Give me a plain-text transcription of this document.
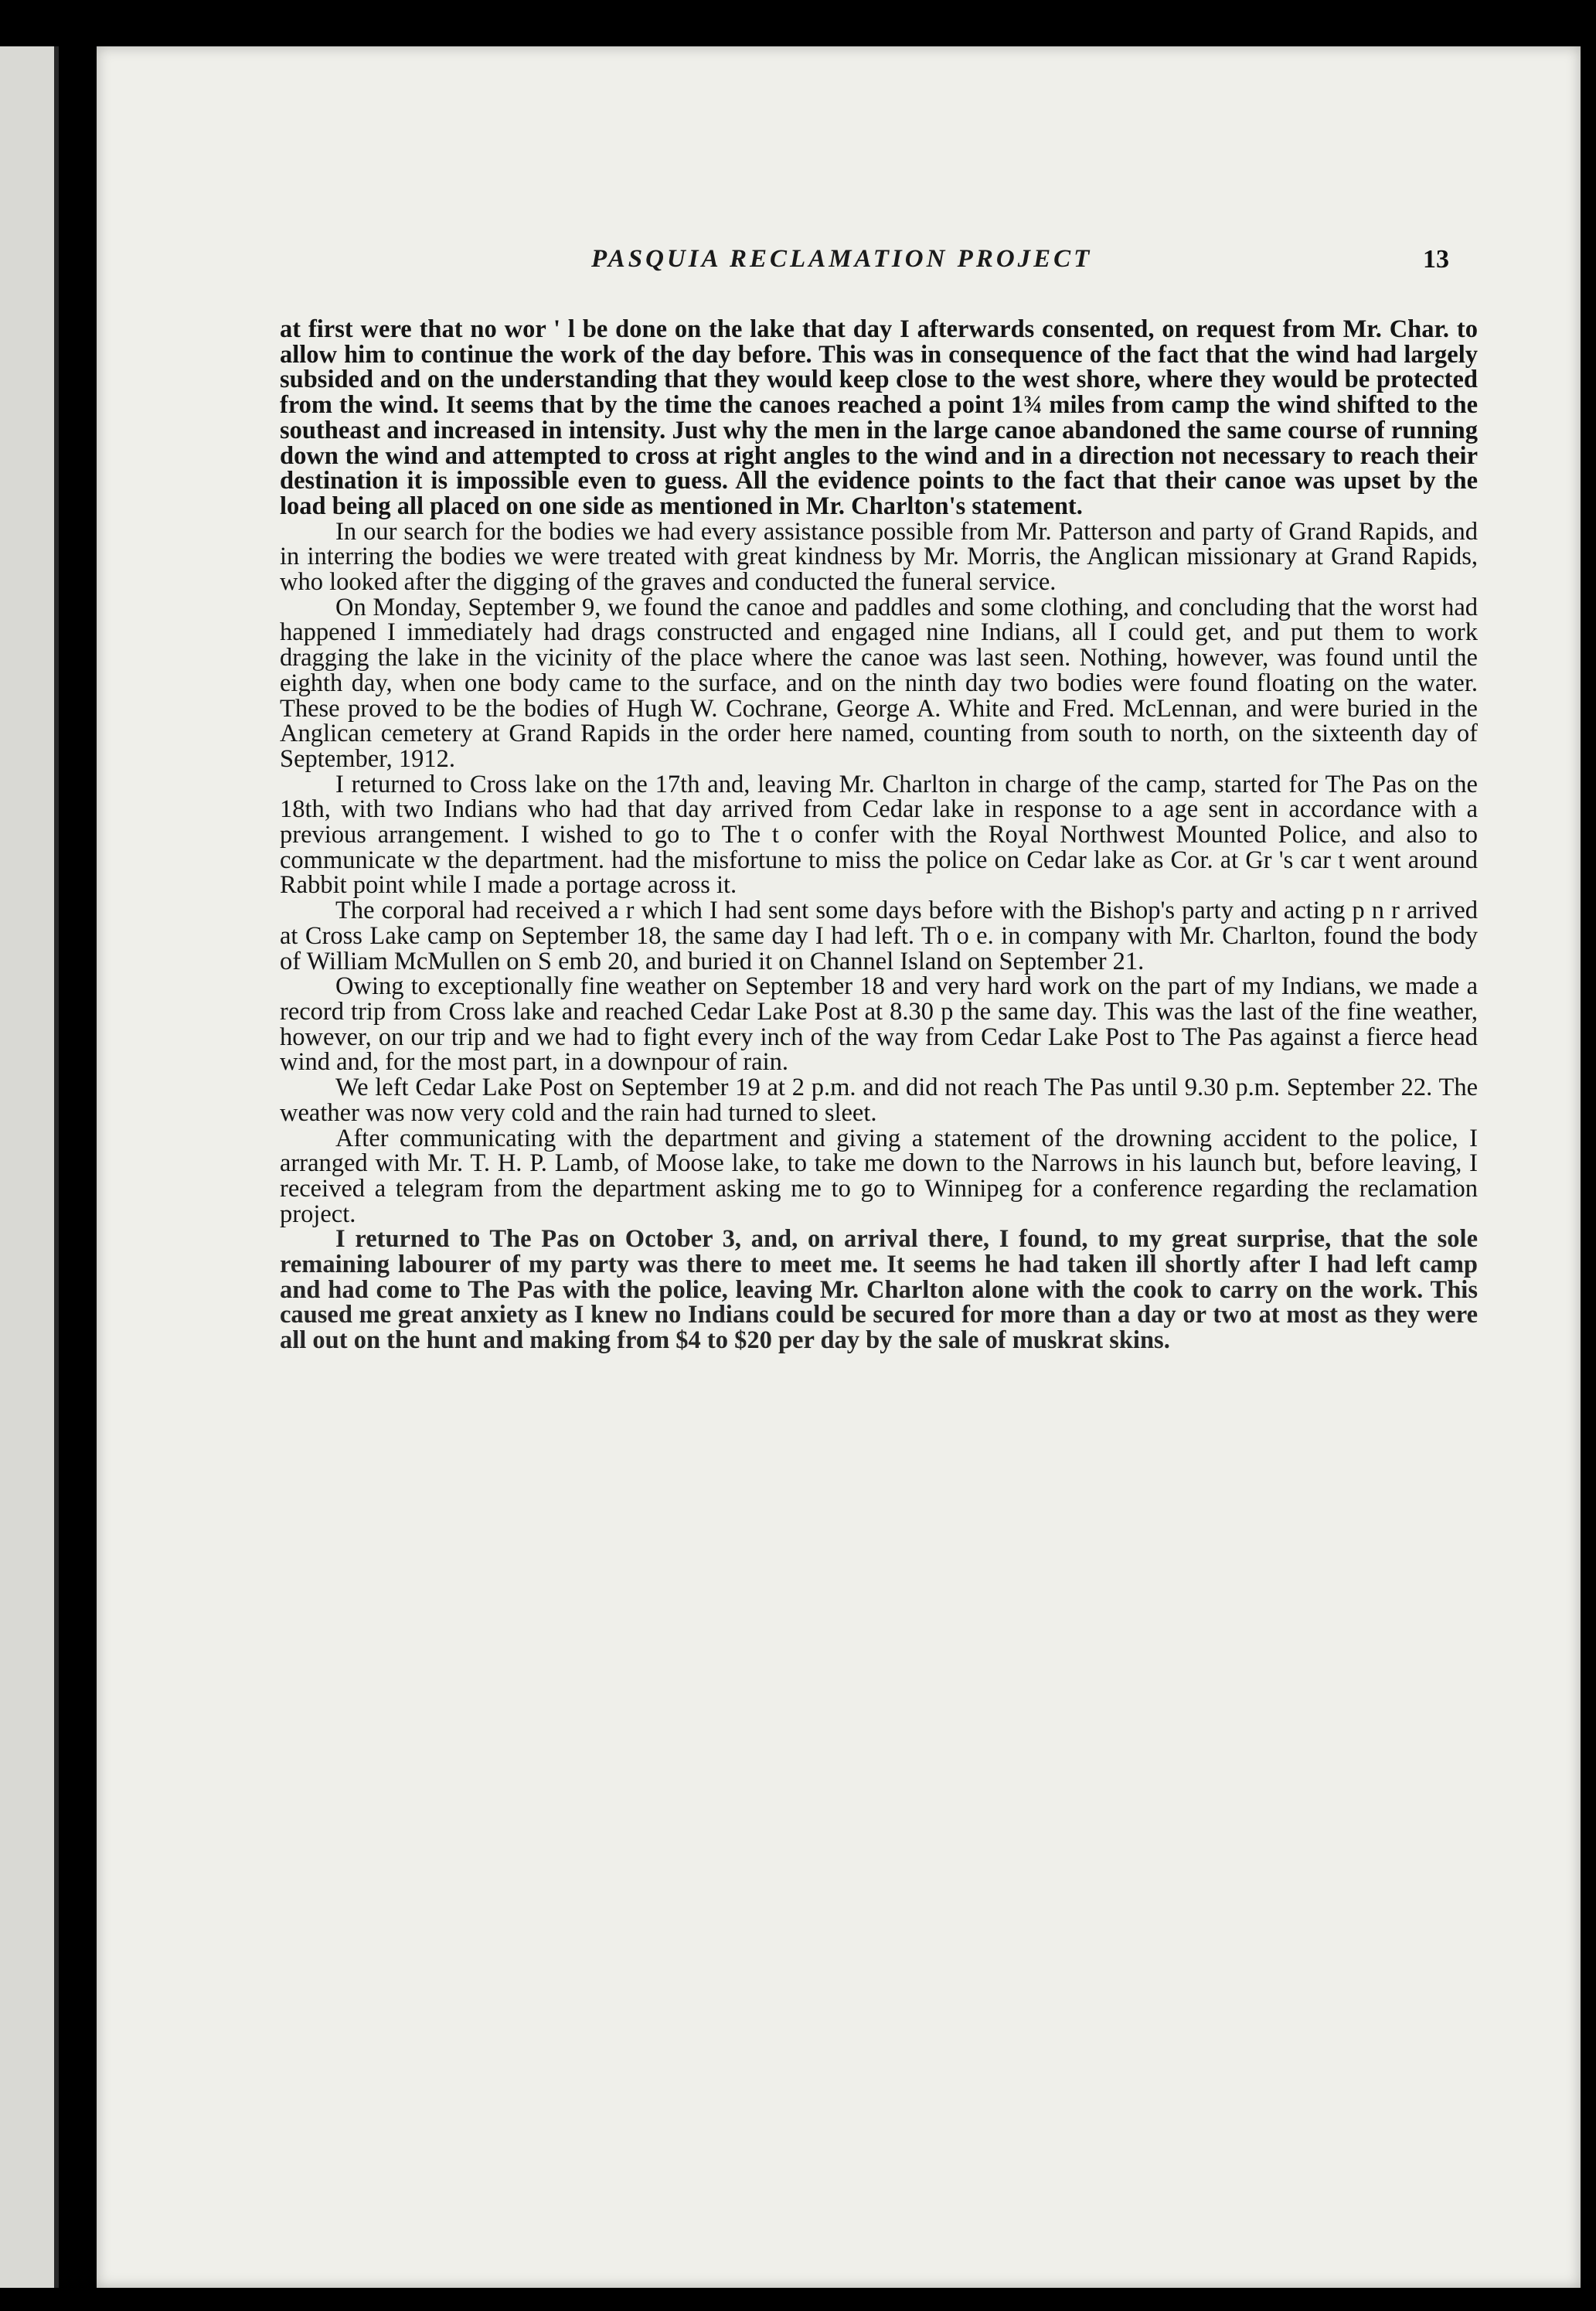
PASQUIA RECLAMATION PROJECT	13

at first were that no wor ' l be done on the lake that day I afterwards consented, on request from Mr. Char. to allow him to continue the work of the day before. This was in consequence of the fact that the wind had largely subsided and on the understanding that they would keep close to the west shore, where they would be protected from the wind. It seems that by the time the canoes reached a point 1¾ miles from camp the wind shifted to the southeast and increased in intensity. Just why the men in the large canoe abandoned the same course of running down the wind and attempted to cross at right angles to the wind and in a direction not necessary to reach their destination it is impossible even to guess. All the evidence points to the fact that their canoe was upset by the load being all placed on one side as mentioned in Mr. Charlton's statement.

In our search for the bodies we had every assistance possible from Mr. Patterson and party of Grand Rapids, and in interring the bodies we were treated with great kindness by Mr. Morris, the Anglican missionary at Grand Rapids, who looked after the digging of the graves and conducted the funeral service.

On Monday, September 9, we found the canoe and paddles and some clothing, and concluding that the worst had happened I immediately had drags constructed and engaged nine Indians, all I could get, and put them to work dragging the lake in the vicinity of the place where the canoe was last seen. Nothing, however, was found until the eighth day, when one body came to the surface, and on the ninth day two bodies were found floating on the water. These proved to be the bodies of Hugh W. Cochrane, George A. White and Fred. McLennan, and were buried in the Anglican cemetery at Grand Rapids in the order here named, counting from south to north, on the sixteenth day of September, 1912.

I returned to Cross lake on the 17th and, leaving Mr. Charlton in charge of the camp, started for The Pas on the 18th, with two Indians who had that day arrived from Cedar lake in response to a age sent in accordance with a previous arrangement. I wished to go to The t o confer with the Royal Northwest Mounted Police, and also to communicate w the department. had the misfortune to miss the police on Cedar lake as Cor. at Gr 's car t went around Rabbit point while I made a portage across it.

The corporal had received a r which I had sent some days before with the Bishop's party and acting p n r arrived at Cross Lake camp on September 18, the same day I had left. Th o e. in company with Mr. Charlton, found the body of William McMullen on S emb 20, and buried it on Channel Island on September 21.

Owing to exceptionally fine weather on September 18 and very hard work on the part of my Indians, we made a record trip from Cross lake and reached Cedar Lake Post at 8.30 p the same day. This was the last of the fine weather, however, on our trip and we had to fight every inch of the way from Cedar Lake Post to The Pas against a fierce head wind and, for the most part, in a downpour of rain.

We left Cedar Lake Post on September 19 at 2 p.m. and did not reach The Pas until 9.30 p.m. September 22. The weather was now very cold and the rain had turned to sleet.

After communicating with the department and giving a statement of the drowning accident to the police, I arranged with Mr. T. H. P. Lamb, of Moose lake, to take me down to the Narrows in his launch but, before leaving, I received a telegram from the department asking me to go to Winnipeg for a conference regarding the reclamation project.

I returned to The Pas on October 3, and, on arrival there, I found, to my great surprise, that the sole remaining labourer of my party was there to meet me. It seems he had taken ill shortly after I had left camp and had come to The Pas with the police, leaving Mr. Charlton alone with the cook to carry on the work. This caused me great anxiety as I knew no Indians could be secured for more than a day or two at most as they were all out on the hunt and making from $4 to $20 per day by the sale of muskrat skins.
